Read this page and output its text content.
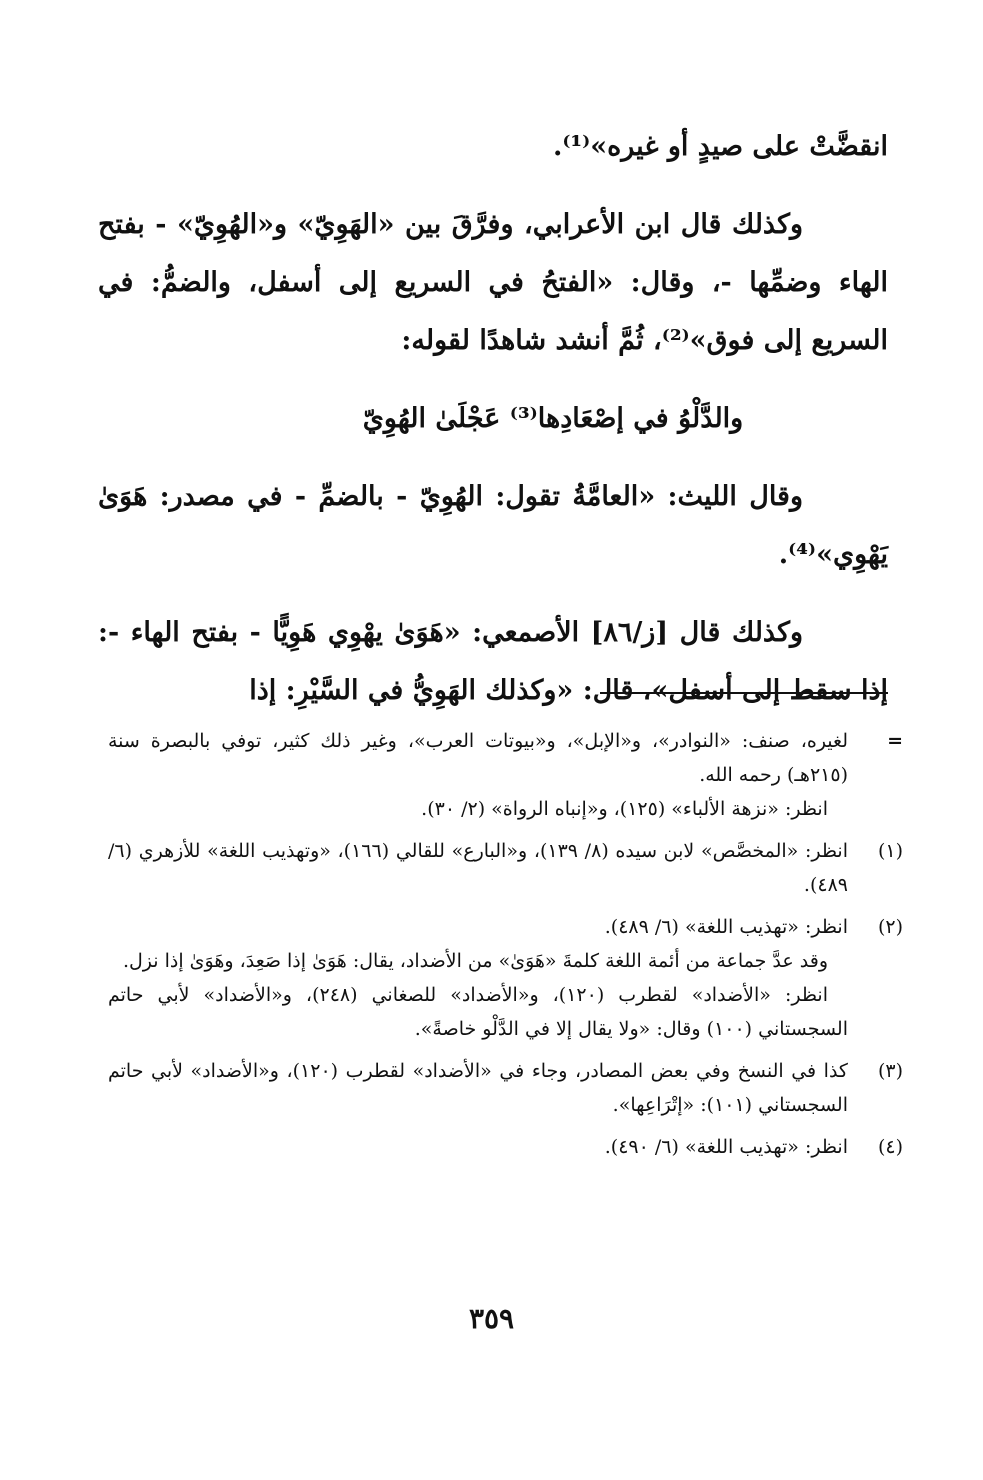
انقضَّتْ على صيدٍ أو غيره»⁽¹⁾.

وكذلك قال ابن الأعرابي، وفرَّقَ بين «الهَوِيّ» و«الهُوِيّ» - بفتح الهاء وضمِّها -، وقال: «الفتحُ في السريع إلى أسفل، والضمُّ: في السريع إلى فوق»⁽²⁾، ثُمَّ أنشد شاهدًا لقوله:

والدَّلْوُ في إصْعَادِها⁽³⁾ عَجْلَىٰ الهُوِيّ

وقال الليث: «العامَّةُ تقول: الهُوِيّ - بالضمِّ - في مصدر: هَوَىٰ يَهْوِي»⁽⁴⁾.

وكذلك قال [ز/٨٦] الأصمعي: «هَوَىٰ يهْوِي هَوِيًّا - بفتح الهاء -: إذا سقط إلى أسفل»، قال: «وكذلك الهَوِيُّ في السَّيْرِ: إذا

=

لغيره، صنف: «النوادر»، و«الإبل»، و«بيوتات العرب»، وغير ذلك كثير، توفي بالبصرة سنة (٢١٥هـ) رحمه الله.

انظر: «نزهة الألباء» (١٢٥)، و«إنباه الرواة» (٢/ ٣٠).

(١)

انظر: «المخصَّص» لابن سيده (٨/ ١٣٩)، و«البارع» للقالي (١٦٦)، «وتهذيب اللغة» للأزهري (٦/ ٤٨٩).

(٢)

انظر: «تهذيب اللغة» (٦/ ٤٨٩).

وقد عدَّ جماعة من أئمة اللغة كلمةَ «هَوَىٰ» من الأضداد، يقال: هَوَىٰ إذا صَعِدَ، وهَوَىٰ إذا نزل.

انظر: «الأضداد» لقطرب (١٢٠)، و«الأضداد» للصغاني (٢٤٨)، و«الأضداد» لأبي حاتم السجستاني (١٠٠) وقال: «ولا يقال إلا في الدَّلْو خاصةً».

(٣)

كذا في النسخ وفي بعض المصادر، وجاء في «الأضداد» لقطرب (١٢٠)، و«الأضداد» لأبي حاتم السجستاني (١٠١): «إتْرَاعِها».

(٤)

انظر: «تهذيب اللغة» (٦/ ٤٩٠).

٣٥٩
